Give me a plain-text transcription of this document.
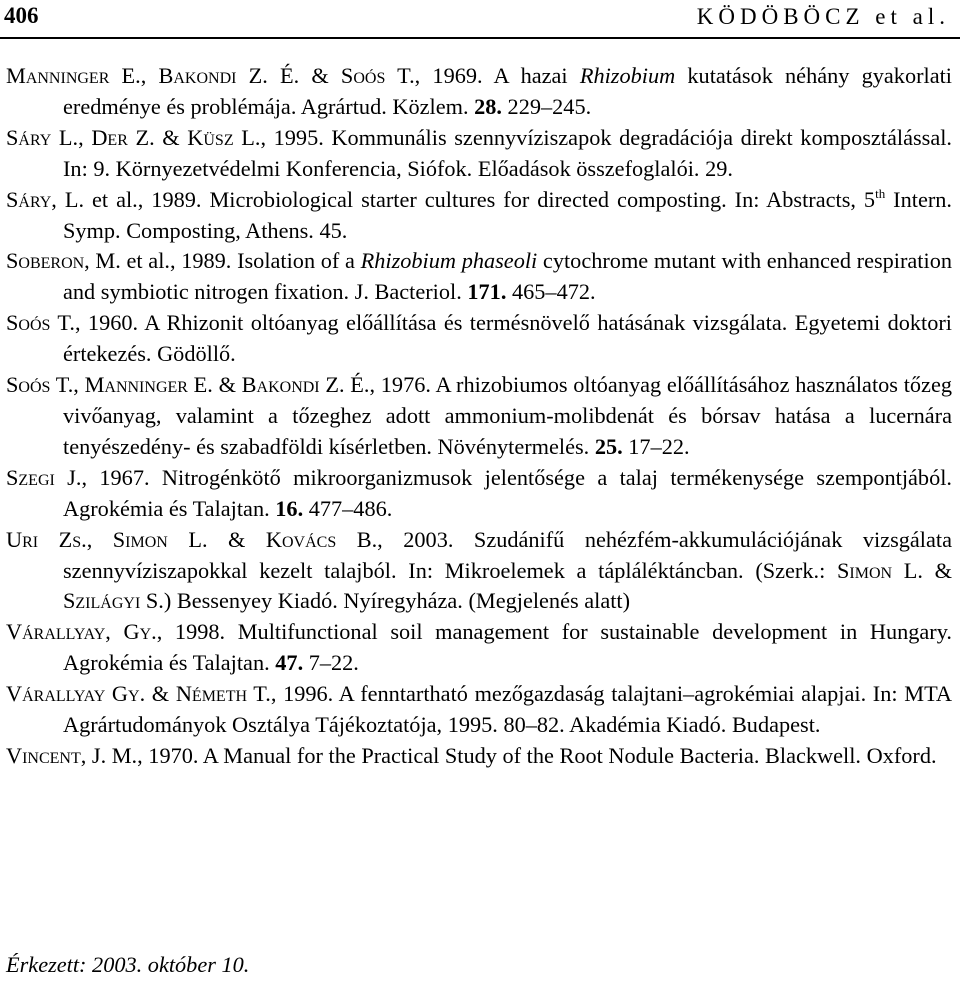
406	KÖDÖBÖCZ et al.

Manninger E., Bakondi Z. É. & Soós T., 1969. A hazai Rhizobium kutatások néhány gyakorlati eredménye és problémája. Agrártud. Közlem. 28. 229–245.

Sáry L., Der Z. & Küsz L., 1995. Kommunális szennyvíziszapok degradációja direkt komposztálással. In: 9. Környezetvédelmi Konferencia, Siófok. Előadások összefoglalói. 29.

Sáry, L. et al., 1989. Microbiological starter cultures for directed composting. In: Abstracts, 5th Intern. Symp. Composting, Athens. 45.

Soberon, M. et al., 1989. Isolation of a Rhizobium phaseoli cytochrome mutant with enhanced respiration and symbiotic nitrogen fixation. J. Bacteriol. 171. 465–472.

Soós T., 1960. A Rhizonit oltóanyag előállítása és termésnövelő hatásának vizsgálata. Egyetemi doktori értekezés. Gödöllő.

Soós T., Manninger E. & Bakondi Z. É., 1976. A rhizobiumos oltóanyag előállításához használatos tőzeg vivőanyag, valamint a tőzeghez adott ammonium-molibdenát és bórsav hatása a lucernára tenyészedény- és szabadföldi kísérletben. Növénytermelés. 25. 17–22.

Szegi J., 1967. Nitrogénkötő mikroorganizmusok jelentősége a talaj termékenysége szempontjából. Agrokémia és Talajtan. 16. 477–486.

Uri Zs., Simon L. & Kovács B., 2003. Szudánifű nehézfém-akkumulációjának vizsgálata szennyvíziszapokkal kezelt talajból. In: Mikroelemek a tápláléktáncban. (Szerk.: Simon L. & Szilágyi S.) Bessenyey Kiadó. Nyíregyháza. (Megjelenés alatt)

Várallyay, Gy., 1998. Multifunctional soil management for sustainable development in Hungary. Agrokémia és Talajtan. 47. 7–22.

Várallyay Gy. & Németh T., 1996. A fenntartható mezőgazdaság talajtani–agrokémiai alapjai. In: MTA Agrártudományok Osztálya Tájékoztatója, 1995. 80–82. Akadémia Kiadó. Budapest.

Vincent, J. M., 1970. A Manual for the Practical Study of the Root Nodule Bacteria. Blackwell. Oxford.

Érkezett: 2003. október 10.
